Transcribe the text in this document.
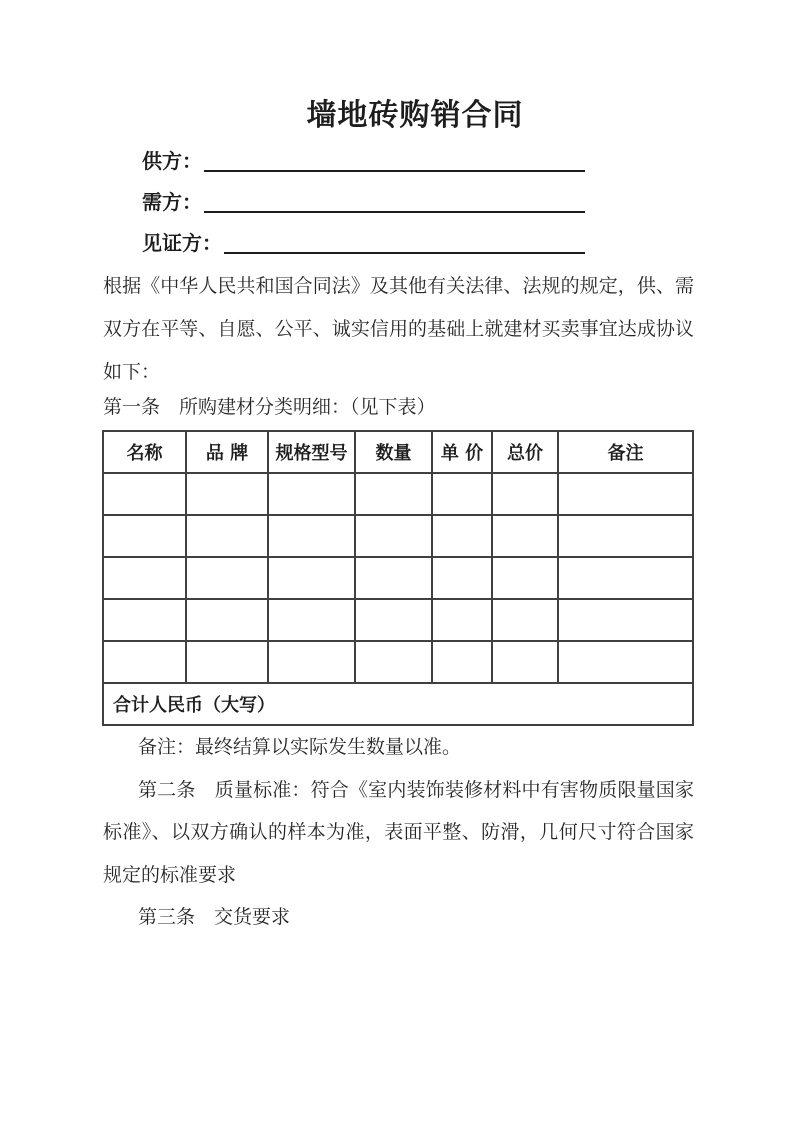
墙地砖购销合同
供方：
需方：
见证方：

根据《中华人民共和国合同法》及其他有关法律、法规的规定，供、需双方在平等、自愿、公平、诚实信用的基础上就建材买卖事宜达成协议如下：

第一条　所购建材分类明细：（见下表）

名称	品 牌	规格型号	数量	单 价	总价	备注

合计人民币（大写）						

备注：最终结算以实际发生数量以准。

第二条　质量标准：符合《室内装饰装修材料中有害物质限量国家标准》、以双方确认的样本为准，表面平整、防滑，几何尺寸符合国家规定的标准要求

第三条　交货要求
